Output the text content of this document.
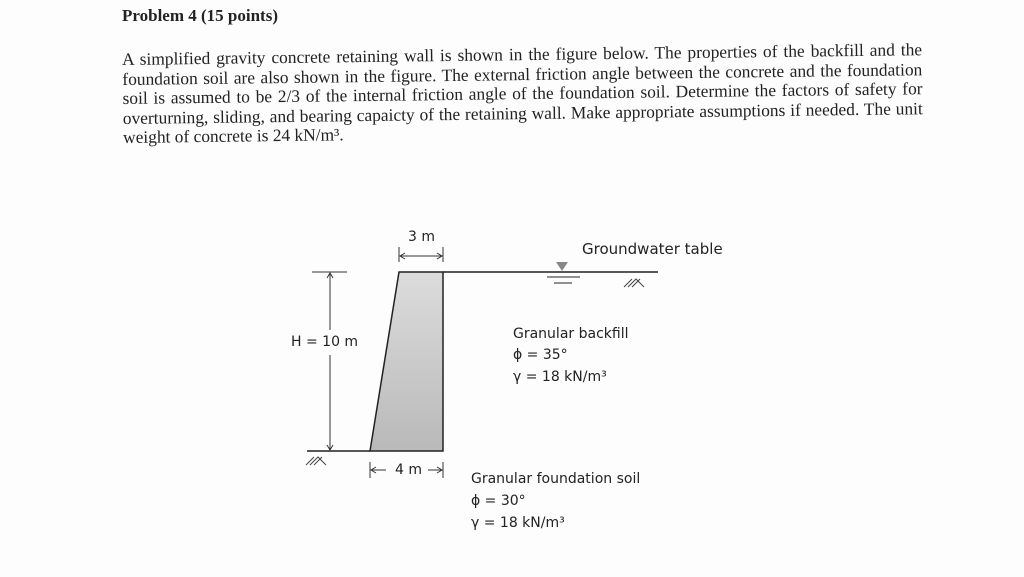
Problem 4 (15 points)
A simplified gravity concrete retaining wall is shown in the figure below. The properties of the backfill and the foundation soil are also shown in the figure. The external friction angle between the concrete and the foundation soil is assumed to be 2/3 of the internal friction angle of the foundation soil. Determine the factors of safety for overturning, sliding, and bearing capaicty of the retaining wall. Make appropriate assumptions if needed. The unit weight of concrete is 24 kN/m³.
3 m
4 m
H = 10 m
Groundwater table
Granular backfill
ϕ = 35°
γ = 18 kN/m³
Granular foundation soil
ϕ = 30°
γ = 18 kN/m³
